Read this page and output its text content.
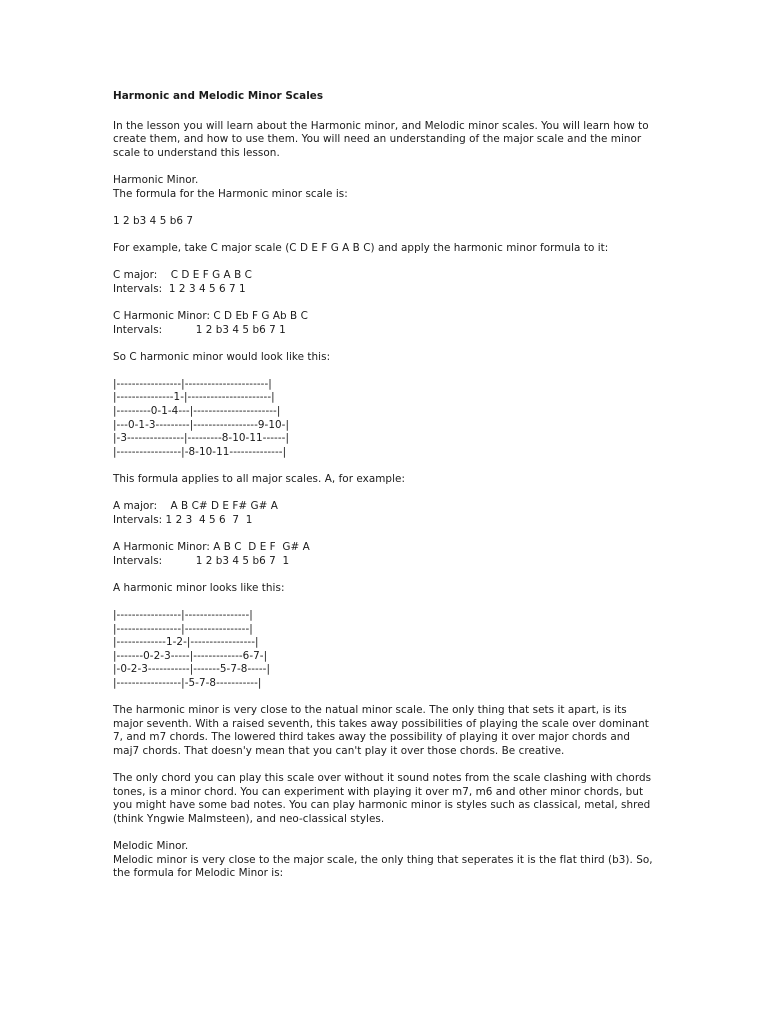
Harmonic and Melodic Minor Scales
In the lesson you will learn about the Harmonic minor, and Melodic minor scales. You will learn how to create them, and how to use them. You will need an understanding of the major scale and the minor scale to understand this lesson.
Harmonic Minor.
The formula for the Harmonic minor scale is:
1 2 b3 4 5 b6 7
For example, take C major scale (C D E F G A B C) and apply the harmonic minor formula to it:
C major:    C D E F G A B C
Intervals:  1 2 3 4 5 6 7 1
C Harmonic Minor: C D Eb F G Ab B C
Intervals:          1 2 b3 4 5 b6 7 1
So C harmonic minor would look like this:
|-----------------|----------------------|
|---------------1-|----------------------|
|---------0-1-4---|----------------------|
|---0-1-3---------|-----------------9-10-|
|-3---------------|---------8-10-11------|
|-----------------|-8-10-11--------------|
This formula applies to all major scales. A, for example:
A major:    A B C# D E F# G# A
Intervals: 1 2 3  4 5 6  7  1
A Harmonic Minor: A B C  D E F  G# A
Intervals:          1 2 b3 4 5 b6 7  1
A harmonic minor looks like this:
|-----------------|-----------------|
|-----------------|-----------------|
|-------------1-2-|-----------------|
|-------0-2-3-----|-------------6-7-|
|-0-2-3-----------|-------5-7-8-----|
|-----------------|-5-7-8-----------|
The harmonic minor is very close to the natual minor scale. The only thing that sets it apart, is its major seventh. With a raised seventh, this takes away possibilities of playing the scale over dominant 7, and m7 chords. The lowered third takes away the possibility of playing it over major chords and maj7 chords. That doesn'y mean that you can't play it over those chords. Be creative.
The only chord you can play this scale over without it sound notes from the scale clashing with chords tones, is a minor chord. You can experiment with playing it over m7, m6 and other minor chords, but you might have some bad notes. You can play harmonic minor is styles such as classical, metal, shred (think Yngwie Malmsteen), and neo-classical styles.
Melodic Minor.
Melodic minor is very close to the major scale, the only thing that seperates it is the flat third (b3). So, the formula for Melodic Minor is:
